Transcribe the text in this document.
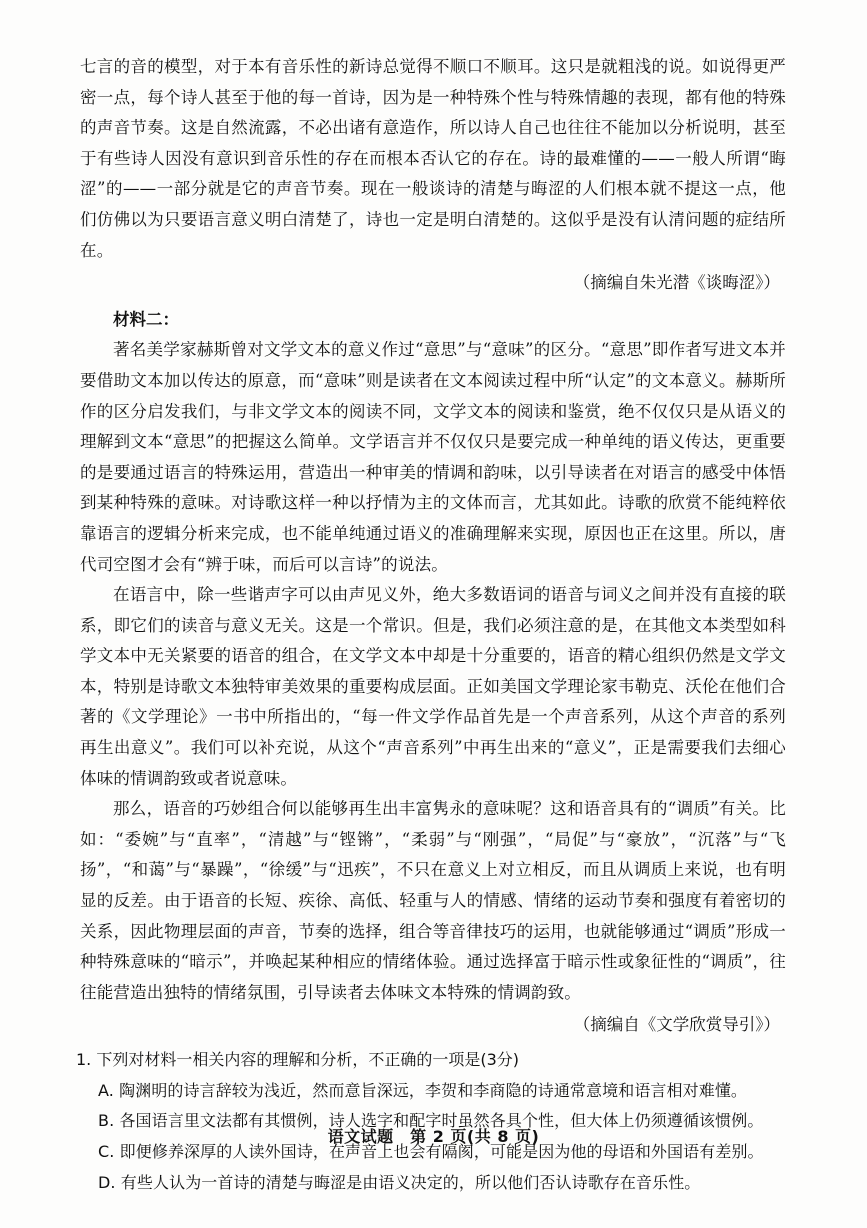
七言的音的模型，对于本有音乐性的新诗总觉得不顺口不顺耳。这只是就粗浅的说。如说得更严密一点，每个诗人甚至于他的每一首诗，因为是一种特殊个性与特殊情趣的表现，都有他的特殊的声音节奏。这是自然流露，不必出诸有意造作，所以诗人自己也往往不能加以分析说明，甚至于有些诗人因没有意识到音乐性的存在而根本否认它的存在。诗的最难懂的——一般人所谓“晦涩”的——一部分就是它的声音节奏。现在一般谈诗的清楚与晦涩的人们根本就不提这一点，他们仿佛以为只要语言意义明白清楚了，诗也一定是明白清楚的。这似乎是没有认清问题的症结所在。

（摘编自朱光潜《谈晦涩》）
材料二：

著名美学家赫斯曾对文学文本的意义作过“意思”与“意味”的区分。“意思”即作者写进文本并要借助文本加以传达的原意，而“意味”则是读者在文本阅读过程中所“认定”的文本意义。赫斯所作的区分启发我们，与非文学文本的阅读不同，文学文本的阅读和鉴赏，绝不仅仅只是从语义的理解到文本“意思”的把握这么简单。文学语言并不仅仅只是要完成一种单纯的语义传达，更重要的是要通过语言的特殊运用，营造出一种审美的情调和韵味，以引导读者在对语言的感受中体悟到某种特殊的意味。对诗歌这样一种以抒情为主的文体而言，尤其如此。诗歌的欣赏不能纯粹依靠语言的逻辑分析来完成，也不能单纯通过语义的准确理解来实现，原因也正在这里。所以，唐代司空图才会有“辨于味，而后可以言诗”的说法。

在语言中，除一些谐声字可以由声见义外，绝大多数语词的语音与词义之间并没有直接的联系，即它们的读音与意义无关。这是一个常识。但是，我们必须注意的是，在其他文本类型如科学文本中无关紧要的语音的组合，在文学文本中却是十分重要的，语音的精心组织仍然是文学文本，特别是诗歌文本独特审美效果的重要构成层面。正如美国文学理论家韦勒克、沃伦在他们合著的《文学理论》一书中所指出的，“每一件文学作品首先是一个声音系列，从这个声音的系列再生出意义”。我们可以补充说，从这个“声音系列”中再生出来的“意义”，正是需要我们去细心体味的情调韵致或者说意味。

那么，语音的巧妙组合何以能够再生出丰富隽永的意味呢？这和语音具有的“调质”有关。比如：“委婉”与“直率”，“清越”与“铿锵”，“柔弱”与“刚强”，“局促”与“豪放”，“沉落”与“飞扬”，“和蔼”与“暴躁”，“徐缓”与“迅疾”，不只在意义上对立相反，而且从调质上来说，也有明显的反差。由于语音的长短、疾徐、高低、轻重与人的情感、情绪的运动节奏和强度有着密切的关系，因此物理层面的声音，节奏的选择，组合等音律技巧的运用，也就能够通过“调质”形成一种特殊意味的“暗示”，并唤起某种相应的情绪体验。通过选择富于暗示性或象征性的“调质”，往往能营造出独特的情绪氛围，引导读者去体味文本特殊的情调韵致。

（摘编自《文学欣赏导引》）
1. 下列对材料一相关内容的理解和分析，不正确的一项是(3分)
A. 陶渊明的诗言辞较为浅近，然而意旨深远，李贺和李商隐的诗通常意境和语言相对难懂。
B. 各国语言里文法都有其惯例，诗人选字和配字时虽然各具个性，但大体上仍须遵循该惯例。
C. 即便修养深厚的人读外国诗，在声音上也会有隔阂，可能是因为他的母语和外国语有差别。
D. 有些人认为一首诗的清楚与晦涩是由语义决定的，所以他们否认诗歌存在音乐性。
语文试题　第 2 页(共 8 页)
